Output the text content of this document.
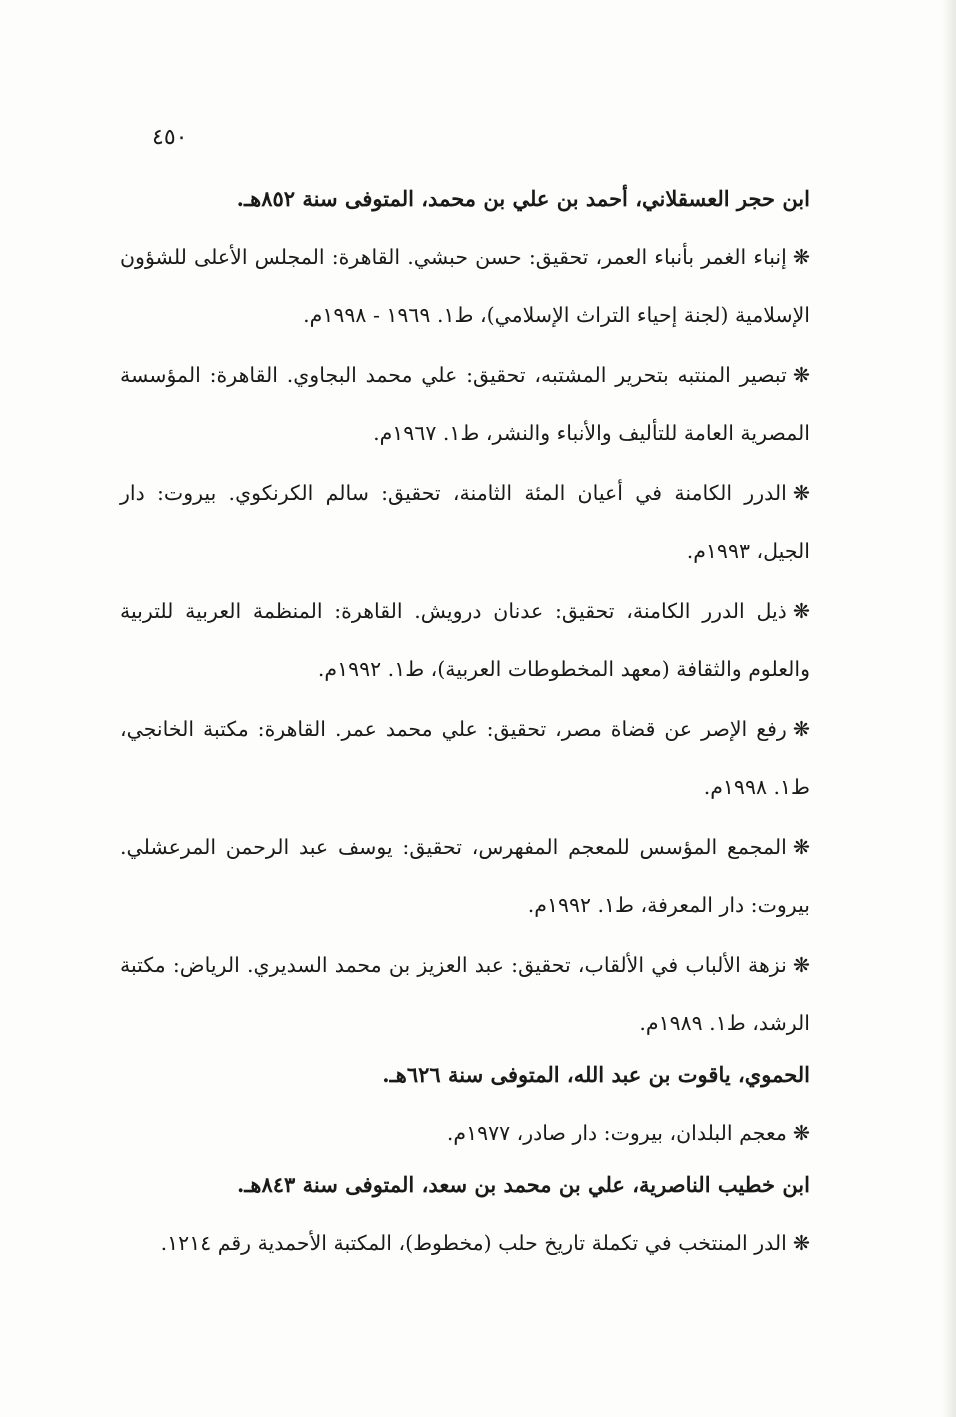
٤٥٠
ابن حجر العسقلاني، أحمد بن علي بن محمد، المتوفى سنة ٨٥٢هـ.

❋إنباء الغمر بأنباء العمر، تحقيق: حسن حبشي. القاهرة: المجلس الأعلى للشؤون الإسلامية (لجنة إحياء التراث الإسلامي)، ط١. ١٩٦٩ - ١٩٩٨م.

❋تبصير المنتبه بتحرير المشتبه، تحقيق: علي محمد البجاوي. القاهرة: المؤسسة المصرية العامة للتأليف والأنباء والنشر، ط١. ١٩٦٧م.

❋الدرر الكامنة في أعيان المئة الثامنة، تحقيق: سالم الكرنكوي. بيروت: دار الجيل، ١٩٩٣م.

❋ذيل الدرر الكامنة، تحقيق: عدنان درويش. القاهرة: المنظمة العربية للتربية والعلوم والثقافة (معهد المخطوطات العربية)، ط١. ١٩٩٢م.

❋رفع الإصر عن قضاة مصر، تحقيق: علي محمد عمر. القاهرة: مكتبة الخانجي، ط١. ١٩٩٨م.

❋المجمع المؤسس للمعجم المفهرس، تحقيق: يوسف عبد الرحمن المرعشلي. بيروت: دار المعرفة، ط١. ١٩٩٢م.

❋نزهة الألباب في الألقاب، تحقيق: عبد العزيز بن محمد السديري. الرياض: مكتبة الرشد، ط١. ١٩٨٩م.

الحموي، ياقوت بن عبد الله، المتوفى سنة ٦٢٦هـ.

❋معجم البلدان، بيروت: دار صادر، ١٩٧٧م.

ابن خطيب الناصرية، علي بن محمد بن سعد، المتوفى سنة ٨٤٣هـ.

❋الدر المنتخب في تكملة تاريخ حلب (مخطوط)، المكتبة الأحمدية رقم ١٢١٤.
